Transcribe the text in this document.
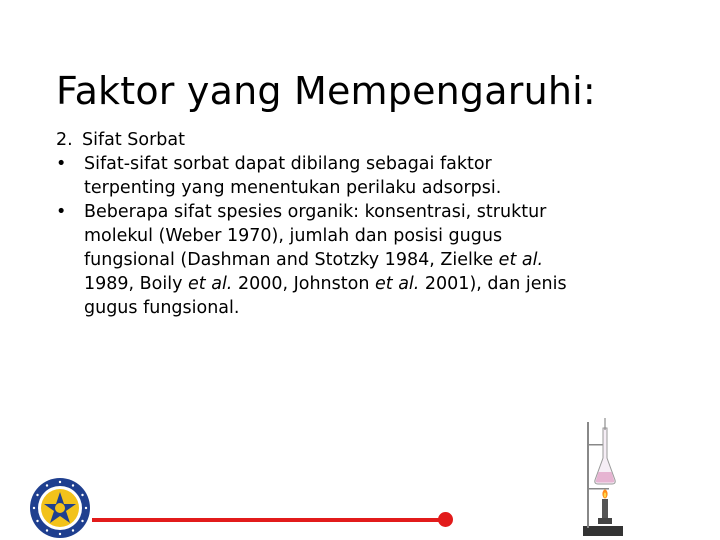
Faktor yang Mempengaruhi:
2. Sifat Sorbat
• Sifat-sifat sorbat dapat dibilang sebagai faktor
terpenting yang menentukan perilaku adsorpsi.
• Beberapa sifat spesies organik: konsentrasi, struktur
molekul (Weber 1970), jumlah dan posisi gugus
fungsional (Dashman and Stotzky 1984, Zielke et al.
1989, Boily et al. 2000, Johnston et al. 2001), dan jenis
gugus fungsional.
